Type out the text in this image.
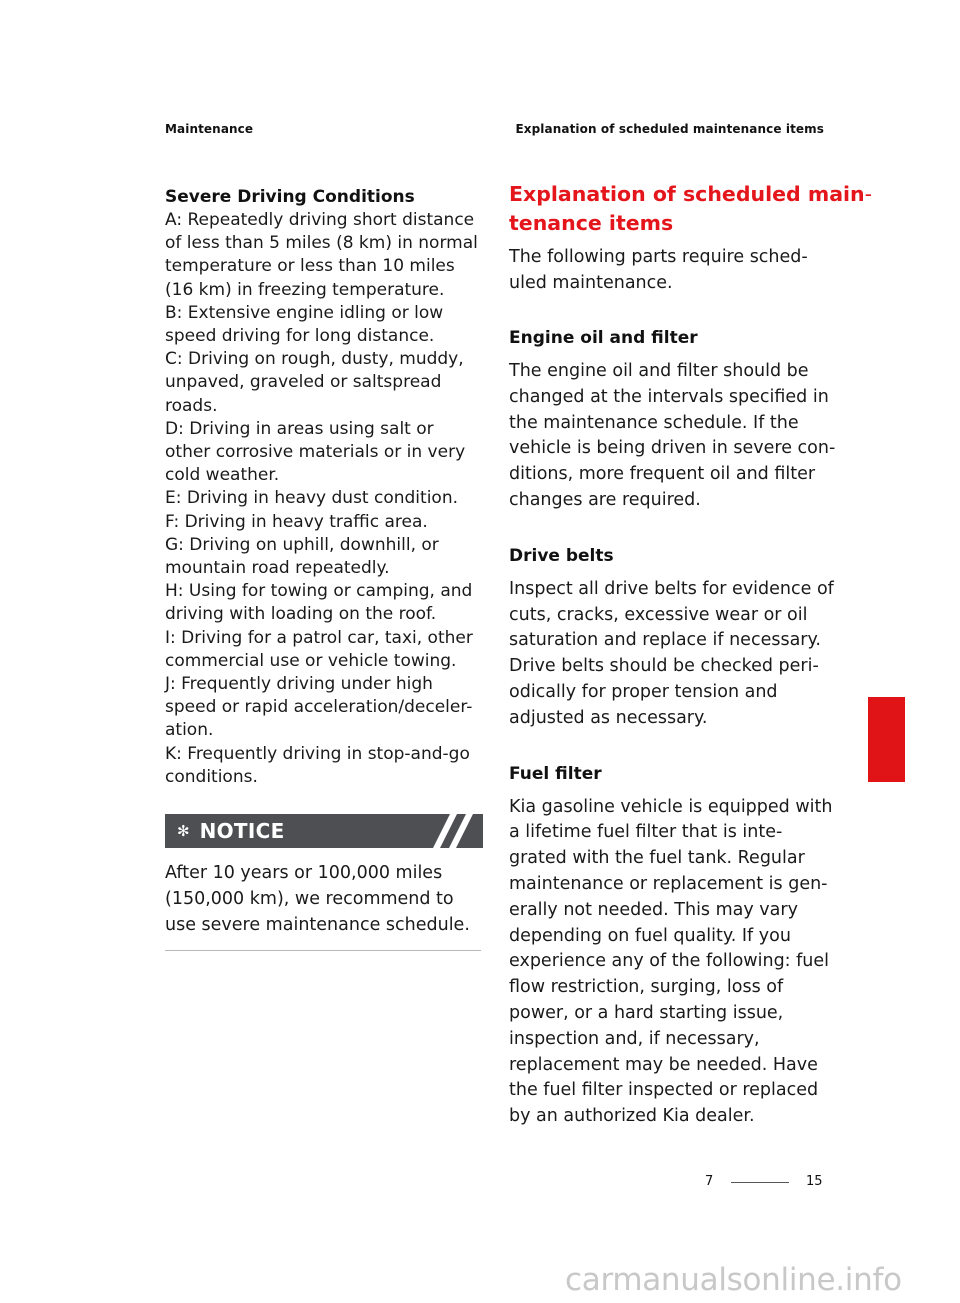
Maintenance	Explanation of scheduled maintenance items
Severe Driving Conditions
A: Repeatedly driving short distance
of less than 5 miles (8 km) in normal
temperature or less than 10 miles
(16 km) in freezing temperature.
B: Extensive engine idling or low
speed driving for long distance.
C: Driving on rough, dusty, muddy,
unpaved, graveled or saltspread
roads.
D: Driving in areas using salt or
other corrosive materials or in very
cold weather.
E: Driving in heavy dust condition.
F: Driving in heavy traffic area.
G: Driving on uphill, downhill, or
mountain road repeatedly.
H: Using for towing or camping, and
driving with loading on the roof.
I: Driving for a patrol car, taxi, other
commercial use or vehicle towing.
J: Frequently driving under high
speed or rapid acceleration/deceler-
ation.
K: Frequently driving in stop-and-go
conditions.
✻ NOTICE
After 10 years or 100,000 miles
(150,000 km), we recommend to
use severe maintenance schedule.
Explanation of scheduled main-
tenance items
The following parts require sched-
uled maintenance.
Engine oil and filter
The engine oil and filter should be
changed at the intervals specified in
the maintenance schedule. If the
vehicle is being driven in severe con-
ditions, more frequent oil and filter
changes are required.
Drive belts
Inspect all drive belts for evidence of
cuts, cracks, excessive wear or oil
saturation and replace if necessary.
Drive belts should be checked peri-
odically for proper tension and
adjusted as necessary.
Fuel filter
Kia gasoline vehicle is equipped with
a lifetime fuel filter that is inte-
grated with the fuel tank. Regular
maintenance or replacement is gen-
erally not needed. This may vary
depending on fuel quality. If you
experience any of the following: fuel
flow restriction, surging, loss of
power, or a hard starting issue,
inspection and, if necessary,
replacement may be needed. Have
the fuel filter inspected or replaced
by an authorized Kia dealer.
7
7	15
carmanualsonline.info
